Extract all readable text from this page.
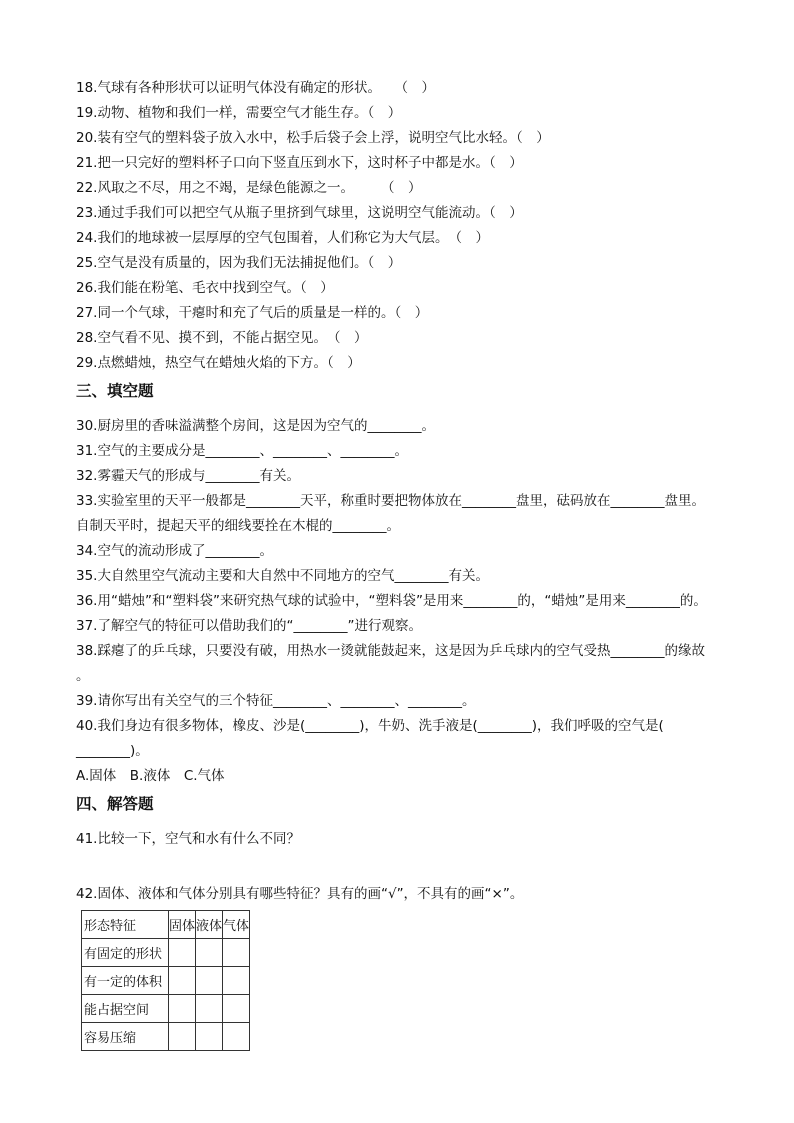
18.气球有各种形状可以证明气体没有确定的形状。　　（　）
19.动物、植物和我们一样，需要空气才能生存。（　）
20.装有空气的塑料袋子放入水中，松手后袋子会上浮，说明空气比水轻。（　）
21.把一只完好的塑料杯子口向下竖直压到水下，这时杯子中都是水。（　）
22.风取之不尽，用之不竭，是绿色能源之一。　　　（　）
23.通过手我们可以把空气从瓶子里挤到气球里，这说明空气能流动。（　）
24.我们的地球被一层厚厚的空气包围着，人们称它为大气层。　（　）
25.空气是没有质量的，因为我们无法捕捉他们。（　）
26.我们能在粉笔、毛衣中找到空气。（　）
27.同一个气球，干瘪时和充了气后的质量是一样的。（　）
28.空气看不见、摸不到，不能占据空见。　（　）
29.点燃蜡烛，热空气在蜡烛火焰的下方。（　）
三、填空题
30.厨房里的香味溢满整个房间，这是因为空气的________。
31.空气的主要成分是________、________、________。
32.雾霾天气的形成与________有关。
33.实验室里的天平一般都是________天平，称重时要把物体放在________盘里，砝码放在________盘里。
自制天平时，提起天平的细线要拴在木棍的________。
34.空气的流动形成了________。
35.大自然里空气流动主要和大自然中不同地方的空气________有关。
36.用“蜡烛”和“塑料袋”来研究热气球的试验中，“塑料袋”是用来________的，“蜡烛”是用来________的。
37.了解空气的特征可以借助我们的“________”进行观察。
38.踩瘪了的乒乓球，只要没有破，用热水一烫就能鼓起来，这是因为乒乓球内的空气受热________的缘故
。
39.请你写出有关空气的三个特征________、________、________。
40.我们身边有很多物体，橡皮、沙是(________)，牛奶、洗手液是(________)，我们呼吸的空气是(
________)。
A.固体　B.液体　C.气体
四、解答题
41.比较一下，空气和水有什么不同？
42.固体、液体和气体分别具有哪些特征？具有的画“√”，不具有的画“×”。
形态特征	固体	液体	气体
有固定的形状			
有一定的体积			
能占据空间			
容易压缩			
